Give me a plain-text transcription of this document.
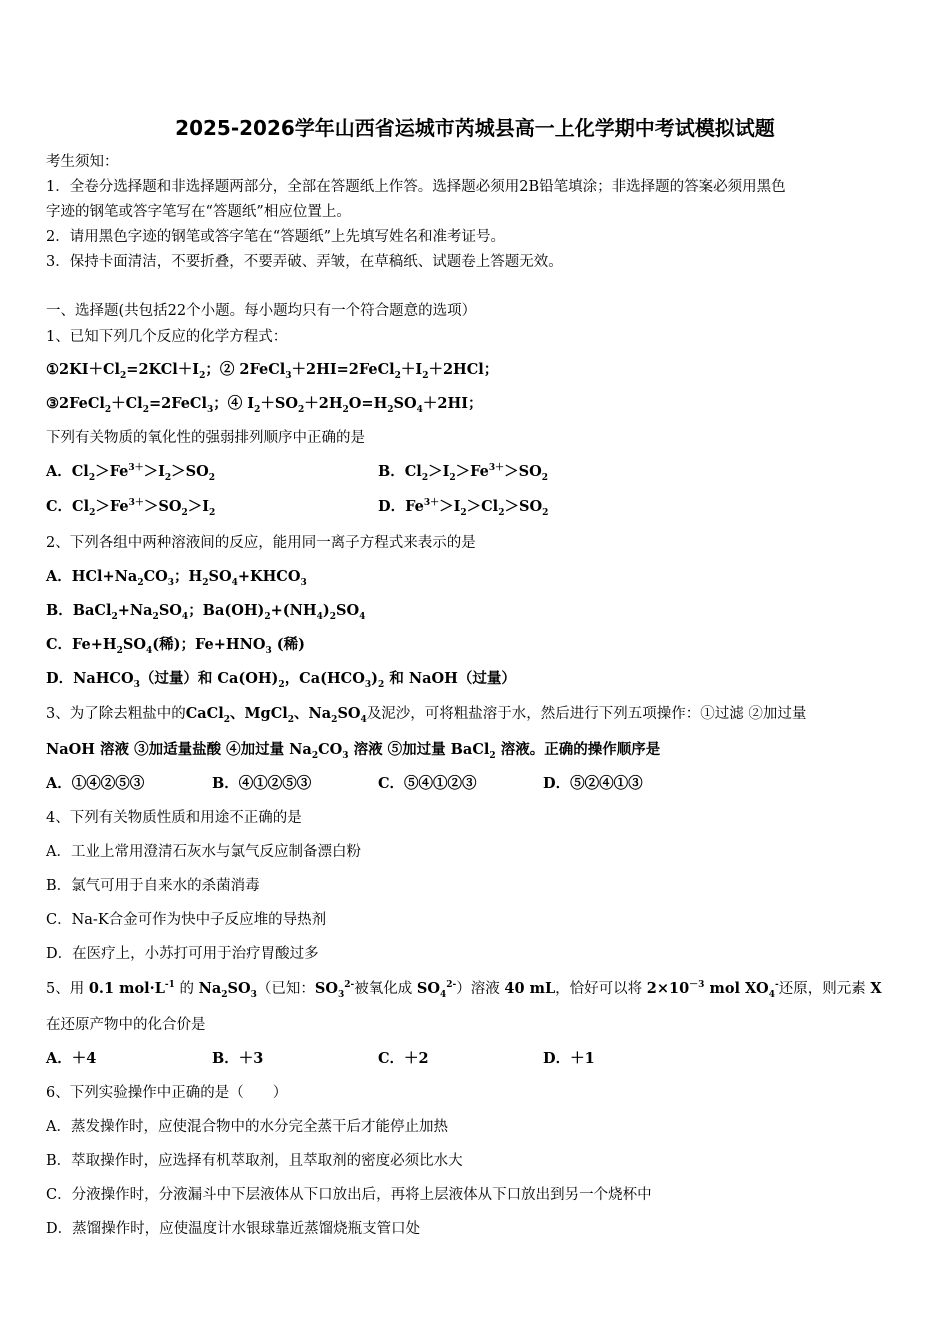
2025-2026学年山西省运城市芮城县高一上化学期中考试模拟试题
考生须知：
1．全卷分选择题和非选择题两部分，全部在答题纸上作答。选择题必须用2B铅笔填涂；非选择题的答案必须用黑色
字迹的钢笔或答字笔写在“答题纸”相应位置上。
2．请用黑色字迹的钢笔或答字笔在“答题纸”上先填写姓名和准考证号。
3．保持卡面清洁，不要折叠，不要弄破、弄皱，在草稿纸、试题卷上答题无效。
一、选择题(共包括22个小题。每小题均只有一个符合题意的选项）
1、已知下列几个反应的化学方程式：
$①2KI+Cl_2=2KCl+I_2$；② $2FeCl_3+2HI=2FeCl_2+I_2+2HCl$；
$③2FeCl_2+Cl_2=2FeCl_3$；④ $I_2+SO_2+2H_2O=H_2SO_4+2HI$；
下列有关物质的氧化性的强弱排列顺序中正确的是
A．$Cl_2>Fe^{3+}>I_2>SO_2$	B．$Cl_2>I_2>Fe^{3+}>SO_2$
C．$Cl_2>Fe^{3+}>SO_2>I_2$	D．$Fe^{3+}>I_2>Cl_2>SO_2$
2、下列各组中两种溶液间的反应，能用同一离子方程式来表示的是
A．$HCl+Na_2CO_3$；$H_2SO_4+KHCO_3$
B．$BaCl_2+Na_2SO_4$；$Ba(OH)_2+(NH_4)_2SO_4$
C．$Fe+H_2SO_4$(稀)；$Fe+HNO_3$ (稀)
D．NaHCO$_3$（过量）和 $Ca(OH)_2$，$Ca(HCO_3)_2$ 和 NaOH（过量）
3、为了除去粗盐中的CaCl$_2$、MgCl$_2$、$Na_2SO_4$及泥沙，可将粗盐溶于水，然后进行下列五项操作：①过滤 ②加过量
NaOH 溶液 ③加适量盐酸 ④加过量 $Na_2CO_3$ 溶液 ⑤加过量 BaCl$_2$ 溶液。正确的操作顺序是
A．①④②⑤③	B．④①②⑤③	C．⑤④①②③	D．⑤②④①③
4、下列有关物质性质和用途不正确的是
A．工业上常用澄清石灰水与氯气反应制备漂白粉
B．氯气可用于自来水的杀菌消毒
C．Na-K合金可作为快中子反应堆的导热剂
D．在医疗上，小苏打可用于治疗胃酸过多
5、用 0.1 $mol\cdot L^{-1}$ 的 $Na_2SO_3$（已知：$SO_3^{2-}$被氧化成 $SO_4^{2-}$）溶液 40 mL，恰好可以将 $2\times 10^{-3}$ mol $XO_4^-$还原，则元素 X
在还原产物中的化合价是
A．＋4	B．＋3	C．＋2	D．＋1
6、下列实验操作中正确的是（　　）
A．蒸发操作时，应使混合物中的水分完全蒸干后才能停止加热
B．萃取操作时，应选择有机萃取剂，且萃取剂的密度必须比水大
C．分液操作时，分液漏斗中下层液体从下口放出后，再将上层液体从下口放出到另一个烧杯中
D．蒸馏操作时，应使温度计水银球靠近蒸馏烧瓶支管口处
